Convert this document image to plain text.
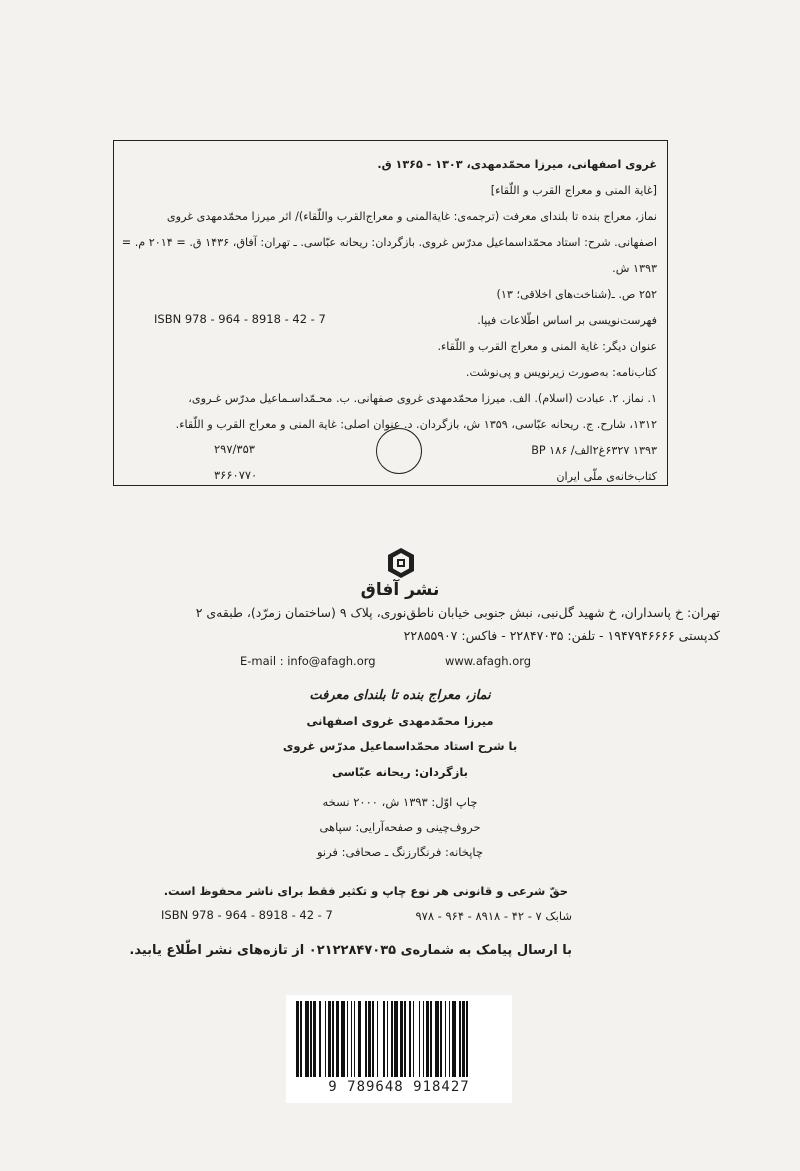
غروی اصفهانی، میرزا محمّدمهدی، ۱۳۰۳ - ۱۳۶۵ ق.
[غاية المنى و معراج القرب و اللّقاء]
نماز، معراج بنده تا بلندای معرفت (ترجمه‌ی: غاية‌المنى و معراج‌القرب واللّقاء)/ اثر میرزا محمّدمهدی غروی
اصفهانی. شرح: استاد محمّداسماعیل مدرّس غروی. بازگردان: ریحانه عبّاسی. ـ تهران: آفاق، ۱۴۳۶ ق. = ۲۰۱۴ م. =
۱۳۹۳ ش.
۲۵۲ ص. ـ(شناخت‌های اخلاقی؛ ۱۳)
فهرست‌نویسی بر اساس اطّلاعات فیپا.
ISBN 978 - 964 - 8918 - 42 - 7
عنوان دیگر: غاية المنى و معراج القرب و اللّقاء.
کتاب‌نامه: به‌صورت زیرنویس و پی‌نوشت.
۱. نماز. ۲. عبادت (اسلام). الف. میرزا محمّدمهدی غروی صفهانی. ب. محـمّداسـماعیل مدرّس غـروی،
۱۳۱۲، شارح. ج. ریحانه عبّاسی، ۱۳۵۹ ش، بازگردان. د. عنوان اصلی: غاية المنى و معراج القرب و اللّقاء.
۱۳۹۳ ۶۳۲۷غ۲الف/ ۱۸۶ BP
۲۹۷/۳۵۳
کتاب‌خانه‌ی ملّی ایران
۳۶۶۰۷۷۰
نشر آفاق
تهران: خ پاسداران، خ شهید گل‌نبی، نبش جنوبی خیابان ناطق‌نوری، پلاک ۹ (ساختمان زمرّد)، طبقه‌ی ۲
کدپستی ۱۹۴۷۹۴۶۶۶۶ - تلفن: ۲۲۸۴۷۰۳۵ - فاکس: ۲۲۸۵۵۹۰۷
E-mail : info@afagh.org	www.afagh.org
نماز، معراج بنده تا بلندای معرفت
میرزا محمّدمهدی غروی اصفهانی
با شرح استاد محمّداسماعیل مدرّس غروی
بازگردان: ریحانه عبّاسی
چاپ اوّل: ۱۳۹۳ ش، ۲۰۰۰ نسخه
حروف‌چینی و صفحه‌آرایی: سپاهی
چاپخانه: فرنگارزنگ ـ صحافی: فرنو
حقّ شرعی و قانونی هر نوع چاپ و تکثیر فقط برای ناشر محفوظ است.
شابک ۷ - ۴۲ - ۸۹۱۸ - ۹۶۴ - ۹۷۸
ISBN 978 - 964 - 8918 - 42 - 7
با ارسال پیامک به شماره‌ی ۰۲۱۲۲۸۴۷۰۳۵ از تازه‌های نشر اطّلاع یابید.
9 789648 918427
